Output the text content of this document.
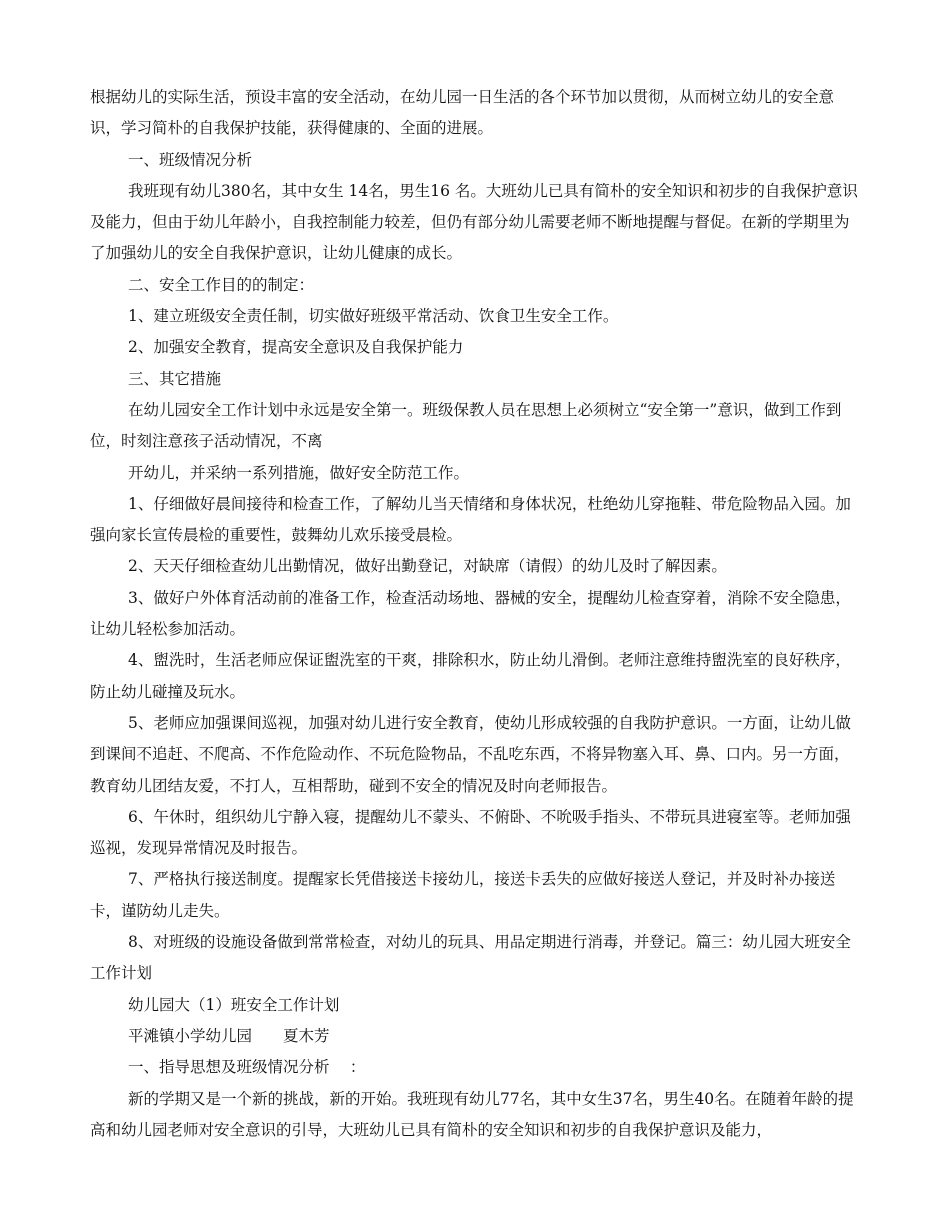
根据幼儿的实际生活，预设丰富的安全活动，在幼儿园一日生活的各个环节加以贯彻，从而树立幼儿的安全意识，学习简朴的自我保护技能，获得健康的、全面的进展。

一、班级情况分析

我班现有幼儿380名，其中女生 14名，男生16 名。大班幼儿已具有简朴的安全知识和初步的自我保护意识及能力，但由于幼儿年龄小，自我控制能力较差，但仍有部分幼儿需要老师不断地提醒与督促。在新的学期里为了加强幼儿的安全自我保护意识，让幼儿健康的成长。

二、安全工作目的的制定：

1、建立班级安全责任制，切实做好班级平常活动、饮食卫生安全工作。

2、加强安全教育，提高安全意识及自我保护能力

三、其它措施

在幼儿园安全工作计划中永远是安全第一。班级保教人员在思想上必须树立“安全第一”意识，做到工作到位，时刻注意孩子活动情况，不离

开幼儿，并采纳一系列措施，做好安全防范工作。

1、仔细做好晨间接待和检查工作，了解幼儿当天情绪和身体状况，杜绝幼儿穿拖鞋、带危险物品入园。加强向家长宣传晨检的重要性，鼓舞幼儿欢乐接受晨检。

2、天天仔细检查幼儿出勤情况，做好出勤登记，对缺席（请假）的幼儿及时了解因素。

3、做好户外体育活动前的准备工作，检查活动场地、器械的安全，提醒幼儿检查穿着，消除不安全隐患，让幼儿轻松参加活动。

4、盥洗时，生活老师应保证盥洗室的干爽，排除积水，防止幼儿滑倒。老师注意维持盥洗室的良好秩序，防止幼儿碰撞及玩水。

5、老师应加强课间巡视，加强对幼儿进行安全教育，使幼儿形成较强的自我防护意识。一方面，让幼儿做到课间不追赶、不爬高、不作危险动作、不玩危险物品，不乱吃东西，不将异物塞入耳、鼻、口内。另一方面，教育幼儿团结友爱，不打人，互相帮助，碰到不安全的情况及时向老师报告。

6、午休时，组织幼儿宁静入寝，提醒幼儿不蒙头、不俯卧、不吮吸手指头、不带玩具进寝室等。老师加强巡视，发现异常情况及时报告。

7、严格执行接送制度。提醒家长凭借接送卡接幼儿，接送卡丢失的应做好接送人登记，并及时补办接送卡，谨防幼儿走失。

8、对班级的设施设备做到常常检查，对幼儿的玩具、用品定期进行消毒，并登记。篇三：幼儿园大班安全工作计划

幼儿园大（1）班安全工作计划

平滩镇小学幼儿园　　夏木芳

一、指导思想及班级情况分析　 ：

新的学期又是一个新的挑战，新的开始。我班现有幼儿77名，其中女生37名，男生40名。在随着年龄的提高和幼儿园老师对安全意识的引导，大班幼儿已具有简朴的安全知识和初步的自我保护意识及能力，
